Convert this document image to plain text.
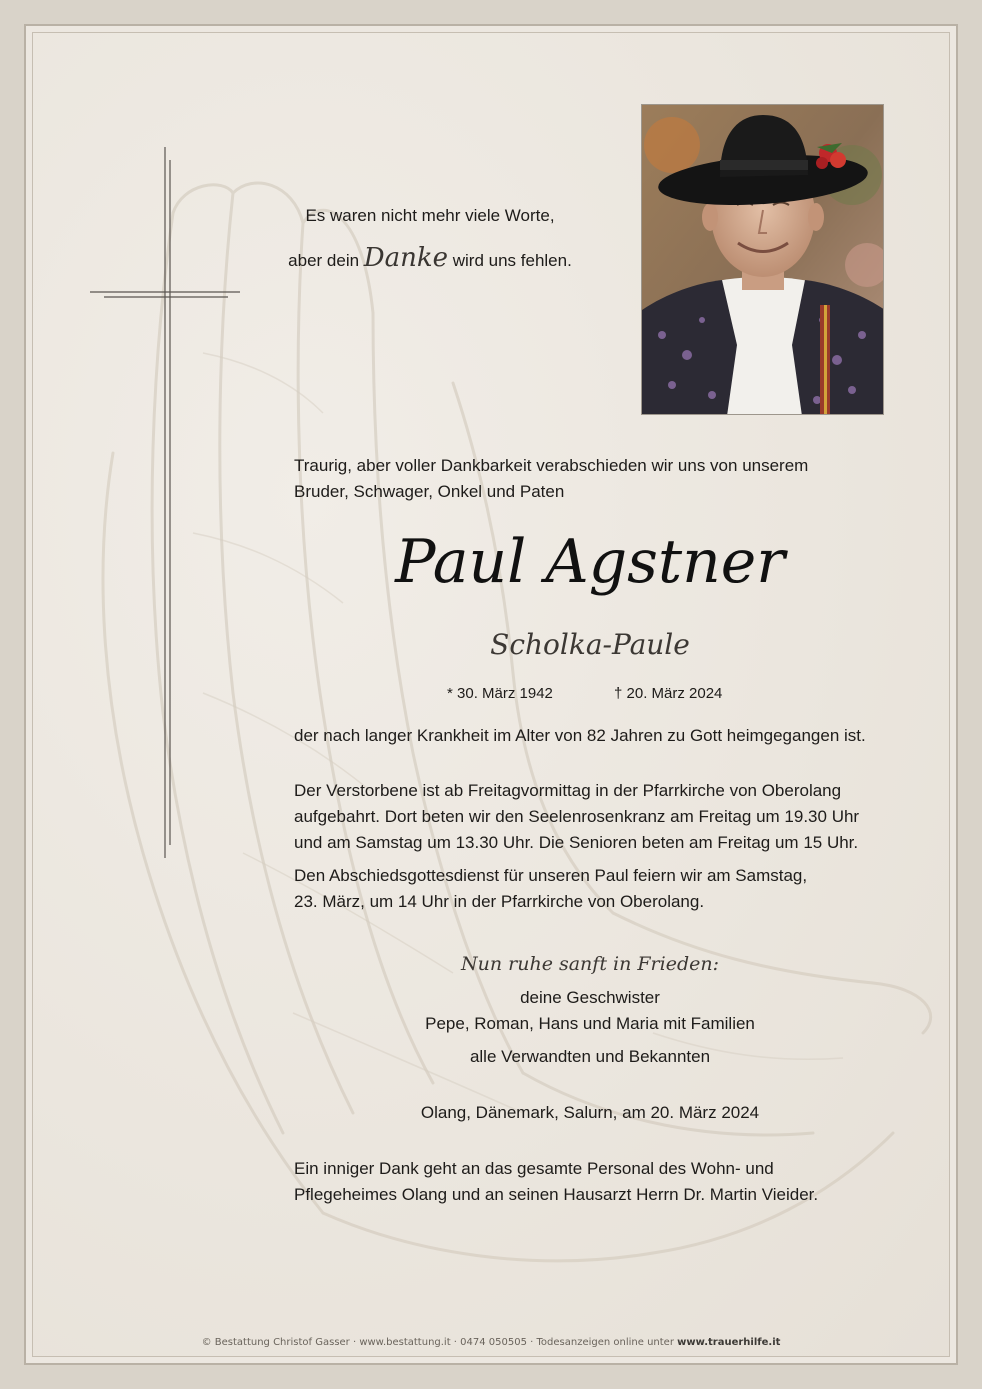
Es waren nicht mehr viele Worte,
aber dein Danke wird uns fehlen.
Traurig, aber voller Dankbarkeit verabschieden wir uns von unserem
Bruder, Schwager, Onkel und Paten
Paul Agstner
Scholka-Paule
* 30. März 1942	† 20. März 2024
der nach langer Krankheit im Alter von 82 Jahren zu Gott heimgegangen ist.
Der Verstorbene ist ab Freitagvormittag in der Pfarrkirche von Oberolang
aufgebahrt. Dort beten wir den Seelenrosenkranz am Freitag um 19.30 Uhr
und am Samstag um 13.30 Uhr. Die Senioren beten am Freitag um 15 Uhr.
Den Abschiedsgottesdienst für unseren Paul feiern wir am Samstag,
23. März, um 14 Uhr in der Pfarrkirche von Oberolang.
Nun ruhe sanft in Frieden:
deine Geschwister
Pepe, Roman, Hans und Maria mit Familien
alle Verwandten und Bekannten
Olang, Dänemark, Salurn, am 20. März 2024
Ein inniger Dank geht an das gesamte Personal des Wohn- und
Pflegeheimes Olang und an seinen Hausarzt Herrn Dr. Martin Vieider.
© Bestattung Christof Gasser · www.bestattung.it · 0474 050505 · Todesanzeigen online unter www.trauerhilfe.it
